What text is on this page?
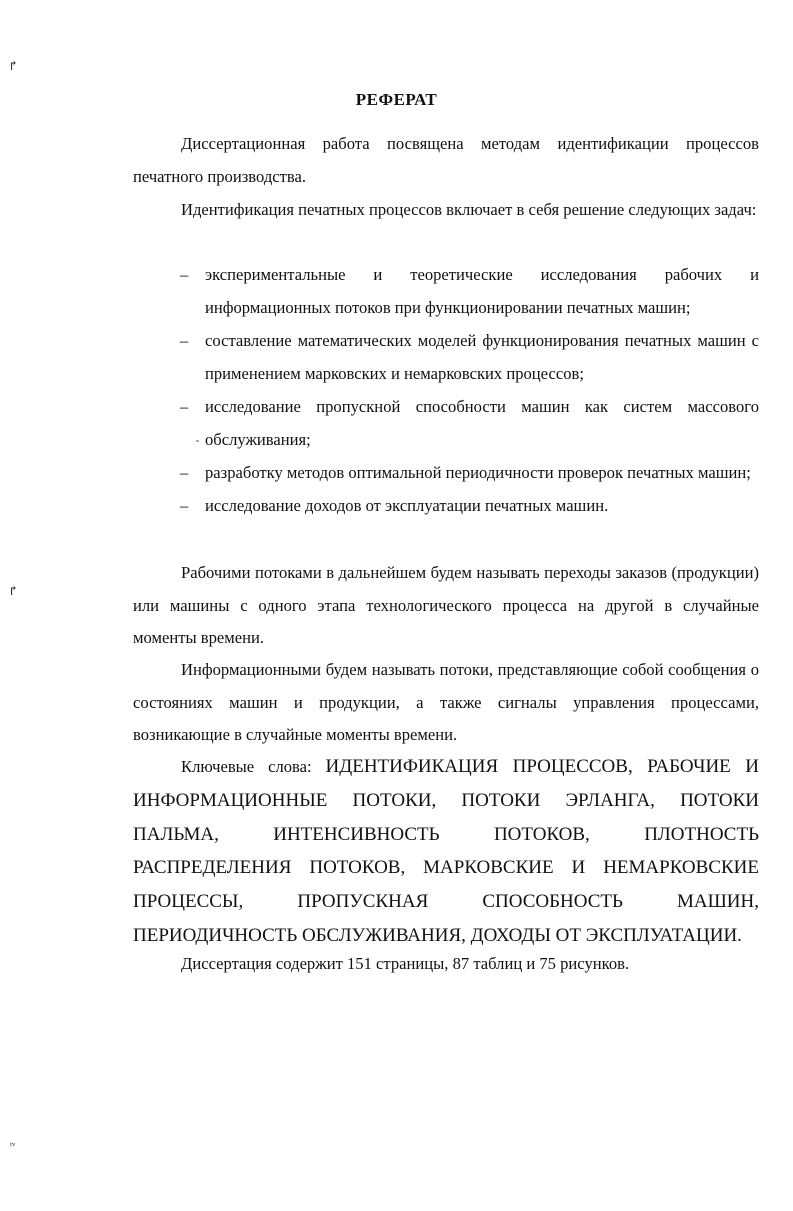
↱
↱
ᵗᵛ
РЕФЕРАТ

Диссертационная работа посвящена методам идентификации процессов печатного производства.

Идентификация печатных процессов включает в себя решение следующих задач:

– экспериментальные и теоретические исследования рабочих и информационных потоков при функционировании печатных машин;
– составление математических моделей функционирования печатных машин с применением марковских и немарковских процессов;
– исследование пропускной способности машин как систем массового обслуживания;
– разработку методов оптимальной периодичности проверок печатных машин;
– исследование доходов от эксплуатации печатных машин.

Рабочими потоками в дальнейшем будем называть переходы заказов (продукции) или машины с одного этапа технологического процесса на другой в случайные моменты времени.

Информационными будем называть потоки, представляющие собой сообщения о состояниях машин и продукции, а также сигналы управления процессами, возникающие в случайные моменты времени.

Ключевые слова: ИДЕНТИФИКАЦИЯ ПРОЦЕССОВ, РАБОЧИЕ И ИНФОРМАЦИОННЫЕ ПОТОКИ, ПОТОКИ ЭРЛАНГА, ПОТОКИ ПАЛЬМА, ИНТЕНСИВНОСТЬ ПОТОКОВ, ПЛОТНОСТЬ РАСПРЕДЕЛЕНИЯ ПОТОКОВ, МАРКОВСКИЕ И НЕМАРКОВСКИЕ ПРОЦЕССЫ, ПРОПУСКНАЯ СПОСОБНОСТЬ МАШИН, ПЕРИОДИЧНОСТЬ ОБСЛУЖИВАНИЯ, ДОХОДЫ ОТ ЭКСПЛУАТАЦИИ.

Диссертация содержит 151 страницы, 87 таблиц и 75 рисунков.
